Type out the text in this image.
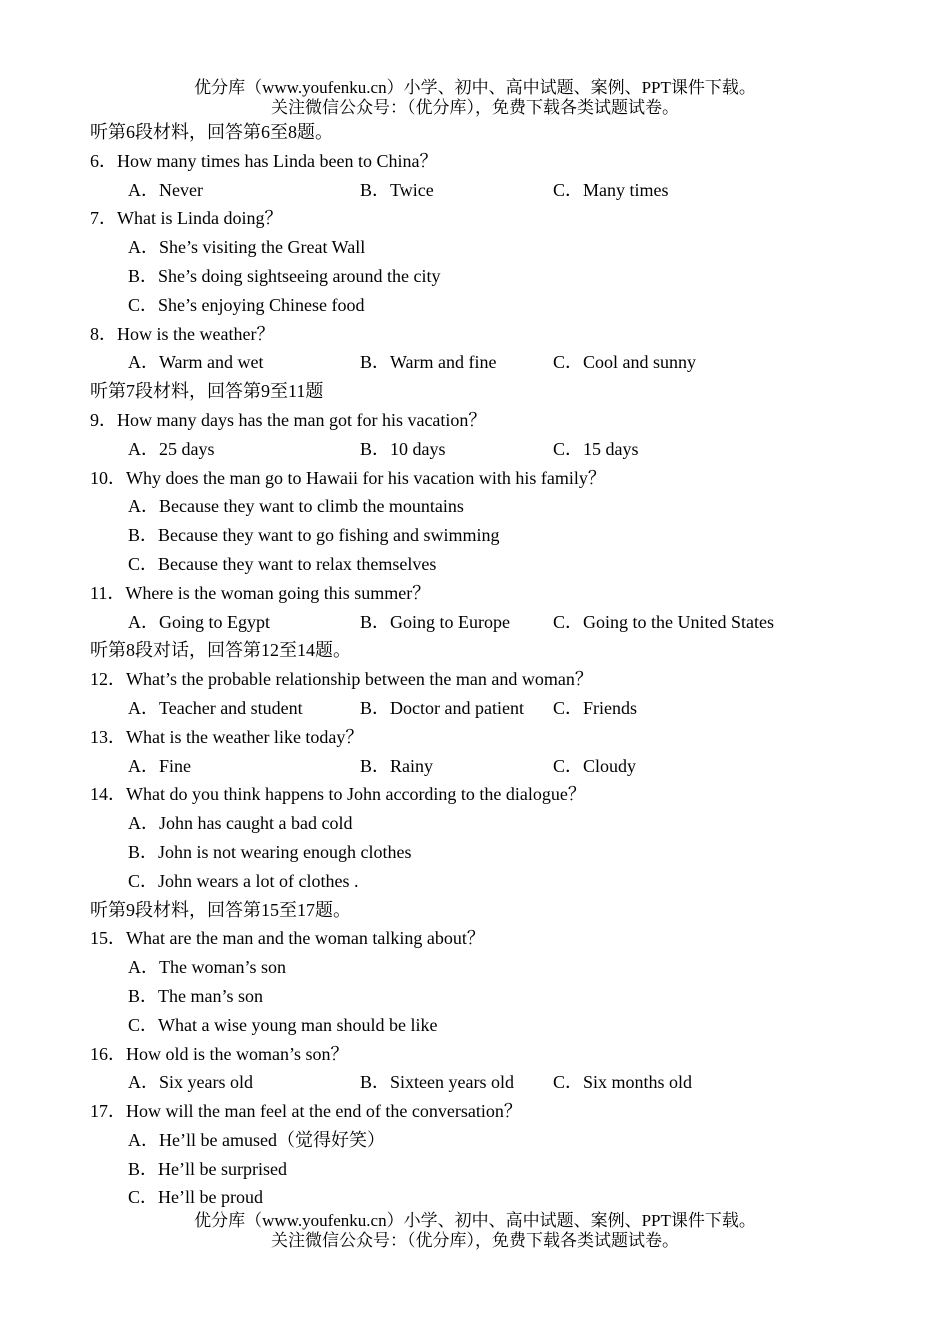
优分库（www.youfenku.cn）小学、初中、高中试题、案例、PPT课件下载。
关注微信公众号：（优分库），免费下载各类试题试卷。
听第6段材料，回答第6至8题。
6．How many times has Linda been to China？
A．Never	B．Twice	C．Many times
7．What is Linda doing？
A．She’s visiting the Great Wall
B．She’s doing sightseeing around the city
C．She’s enjoying Chinese food
8．How is the weather？
A．Warm and wet	B．Warm and fine	C．Cool and sunny
听第7段材料，回答第9至11题
9．How many days has the man got for his vacation？
A．25 days	B．10 days	C．15 days
10．Why does the man go to Hawaii for his vacation with his family？
A．Because they want to climb the mountains
B．Because they want to go fishing and swimming
C．Because they want to relax themselves
11．Where is the woman going this summer？
A．Going to Egypt	B．Going to Europe C．Going to the United States
听第8段对话，回答第12至14题。
12．What’s the probable relationship between the man and woman？
A．Teacher and student	B．Doctor and patient C．Friends
13．What is the weather like today？
A．Fine	B．Rainy	C．Cloudy
14．What do you think happens to John according to the dialogue？
A．John has caught a bad cold
B．John is not wearing enough clothes
C．John wears a lot of clothes .
听第9段材料，回答第15至17题。
15．What are the man and the woman talking about？
A．The woman’s son
B．The man’s son
C．What a wise young man should be like
16．How old is the woman’s son？
A．Six years old	B．Sixteen years old C．Six months old
17．How will the man feel at the end of the conversation？
A．He’ll be amused（觉得好笑）
B．He’ll be surprised
C．He’ll be proud
优分库（www.youfenku.cn）小学、初中、高中试题、案例、PPT课件下载。
关注微信公众号：（优分库），免费下载各类试题试卷。
